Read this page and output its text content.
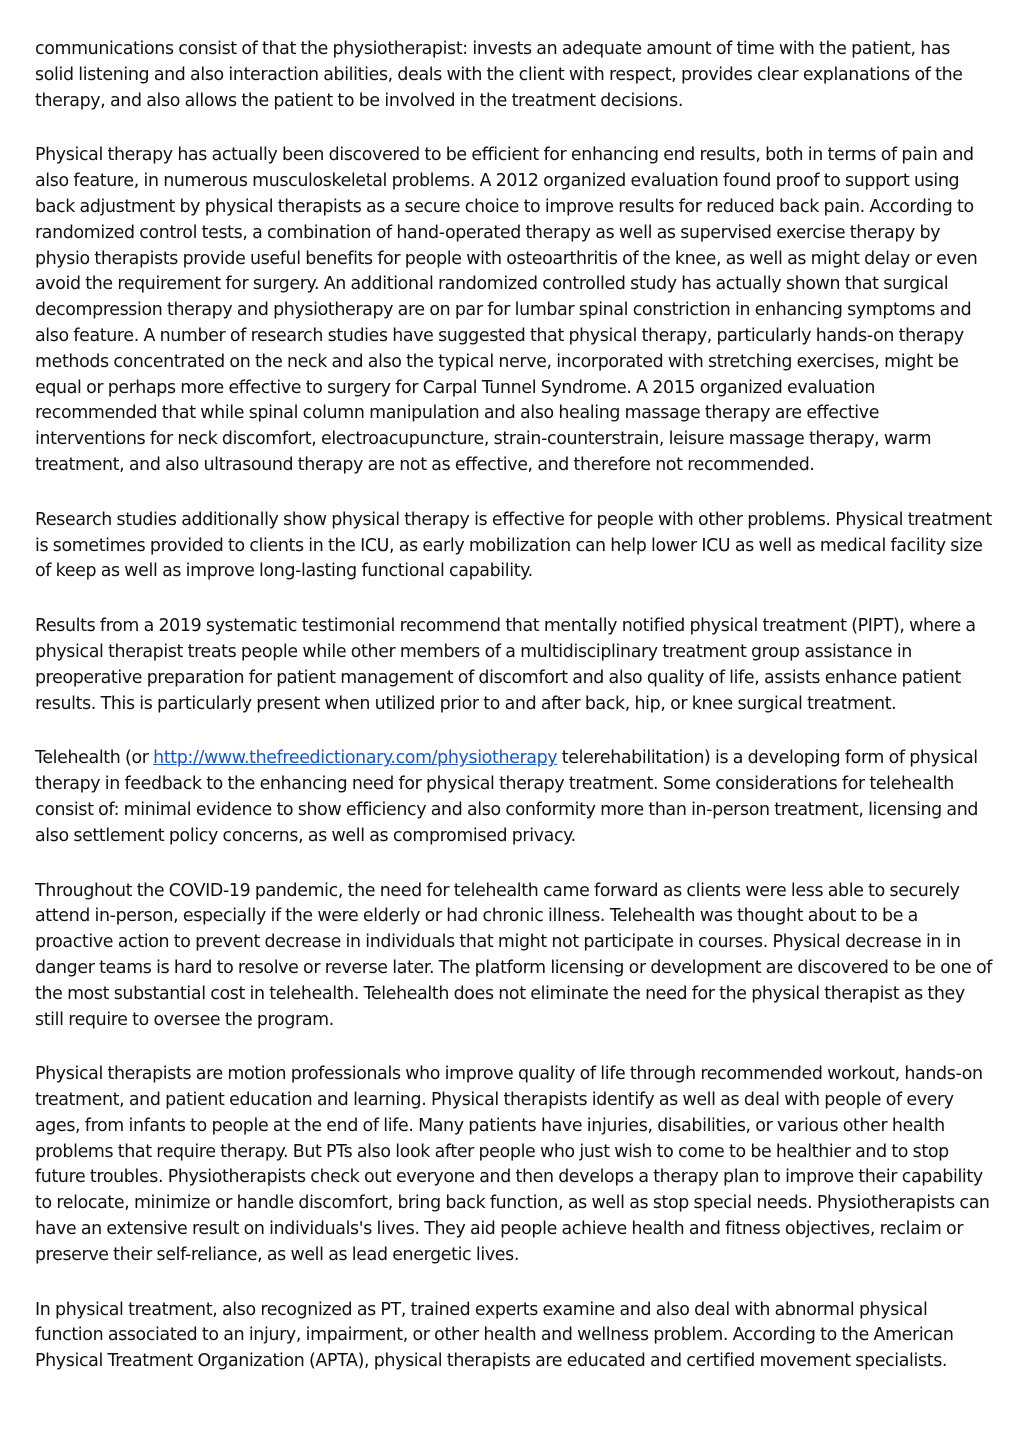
communications consist of that the physiotherapist: invests an adequate amount of time with the patient, has solid listening and also interaction abilities, deals with the client with respect, provides clear explanations of the therapy, and also allows the patient to be involved in the treatment decisions.

Physical therapy has actually been discovered to be efficient for enhancing end results, both in terms of pain and also feature, in numerous musculoskeletal problems. A 2012 organized evaluation found proof to support using back adjustment by physical therapists as a secure choice to improve results for reduced back pain. According to randomized control tests, a combination of hand-operated therapy as well as supervised exercise therapy by physio therapists provide useful benefits for people with osteoarthritis of the knee, as well as might delay or even avoid the requirement for surgery. An additional randomized controlled study has actually shown that surgical decompression therapy and physiotherapy are on par for lumbar spinal constriction in enhancing symptoms and also feature. A number of research studies have suggested that physical therapy, particularly hands-on therapy methods concentrated on the neck and also the typical nerve, incorporated with stretching exercises, might be equal or perhaps more effective to surgery for Carpal Tunnel Syndrome. A 2015 organized evaluation recommended that while spinal column manipulation and also healing massage therapy are effective interventions for neck discomfort, electroacupuncture, strain-counterstrain, leisure massage therapy, warm treatment, and also ultrasound therapy are not as effective, and therefore not recommended.

Research studies additionally show physical therapy is effective for people with other problems. Physical treatment is sometimes provided to clients in the ICU, as early mobilization can help lower ICU as well as medical facility size of keep as well as improve long-lasting functional capability.

Results from a 2019 systematic testimonial recommend that mentally notified physical treatment (PIPT), where a physical therapist treats people while other members of a multidisciplinary treatment group assistance in preoperative preparation for patient management of discomfort and also quality of life, assists enhance patient results. This is particularly present when utilized prior to and after back, hip, or knee surgical treatment.

Telehealth (or http://www.thefreedictionary.com/physiotherapy telerehabilitation) is a developing form of physical therapy in feedback to the enhancing need for physical therapy treatment. Some considerations for telehealth consist of: minimal evidence to show efficiency and also conformity more than in-person treatment, licensing and also settlement policy concerns, as well as compromised privacy.

Throughout the COVID-19 pandemic, the need for telehealth came forward as clients were less able to securely attend in-person, especially if the were elderly or had chronic illness. Telehealth was thought about to be a proactive action to prevent decrease in individuals that might not participate in courses. Physical decrease in in danger teams is hard to resolve or reverse later. The platform licensing or development are discovered to be one of the most substantial cost in telehealth. Telehealth does not eliminate the need for the physical therapist as they still require to oversee the program.

Physical therapists are motion professionals who improve quality of life through recommended workout, hands-on treatment, and patient education and learning. Physical therapists identify as well as deal with people of every ages, from infants to people at the end of life. Many patients have injuries, disabilities, or various other health problems that require therapy. But PTs also look after people who just wish to come to be healthier and to stop future troubles. Physiotherapists check out everyone and then develops a therapy plan to improve their capability to relocate, minimize or handle discomfort, bring back function, as well as stop special needs. Physiotherapists can have an extensive result on individuals's lives. They aid people achieve health and fitness objectives, reclaim or preserve their self-reliance, as well as lead energetic lives.

In physical treatment, also recognized as PT, trained experts examine and also deal with abnormal physical function associated to an injury, impairment, or other health and wellness problem. According to the American Physical Treatment Organization (APTA), physical therapists are educated and certified movement specialists.
